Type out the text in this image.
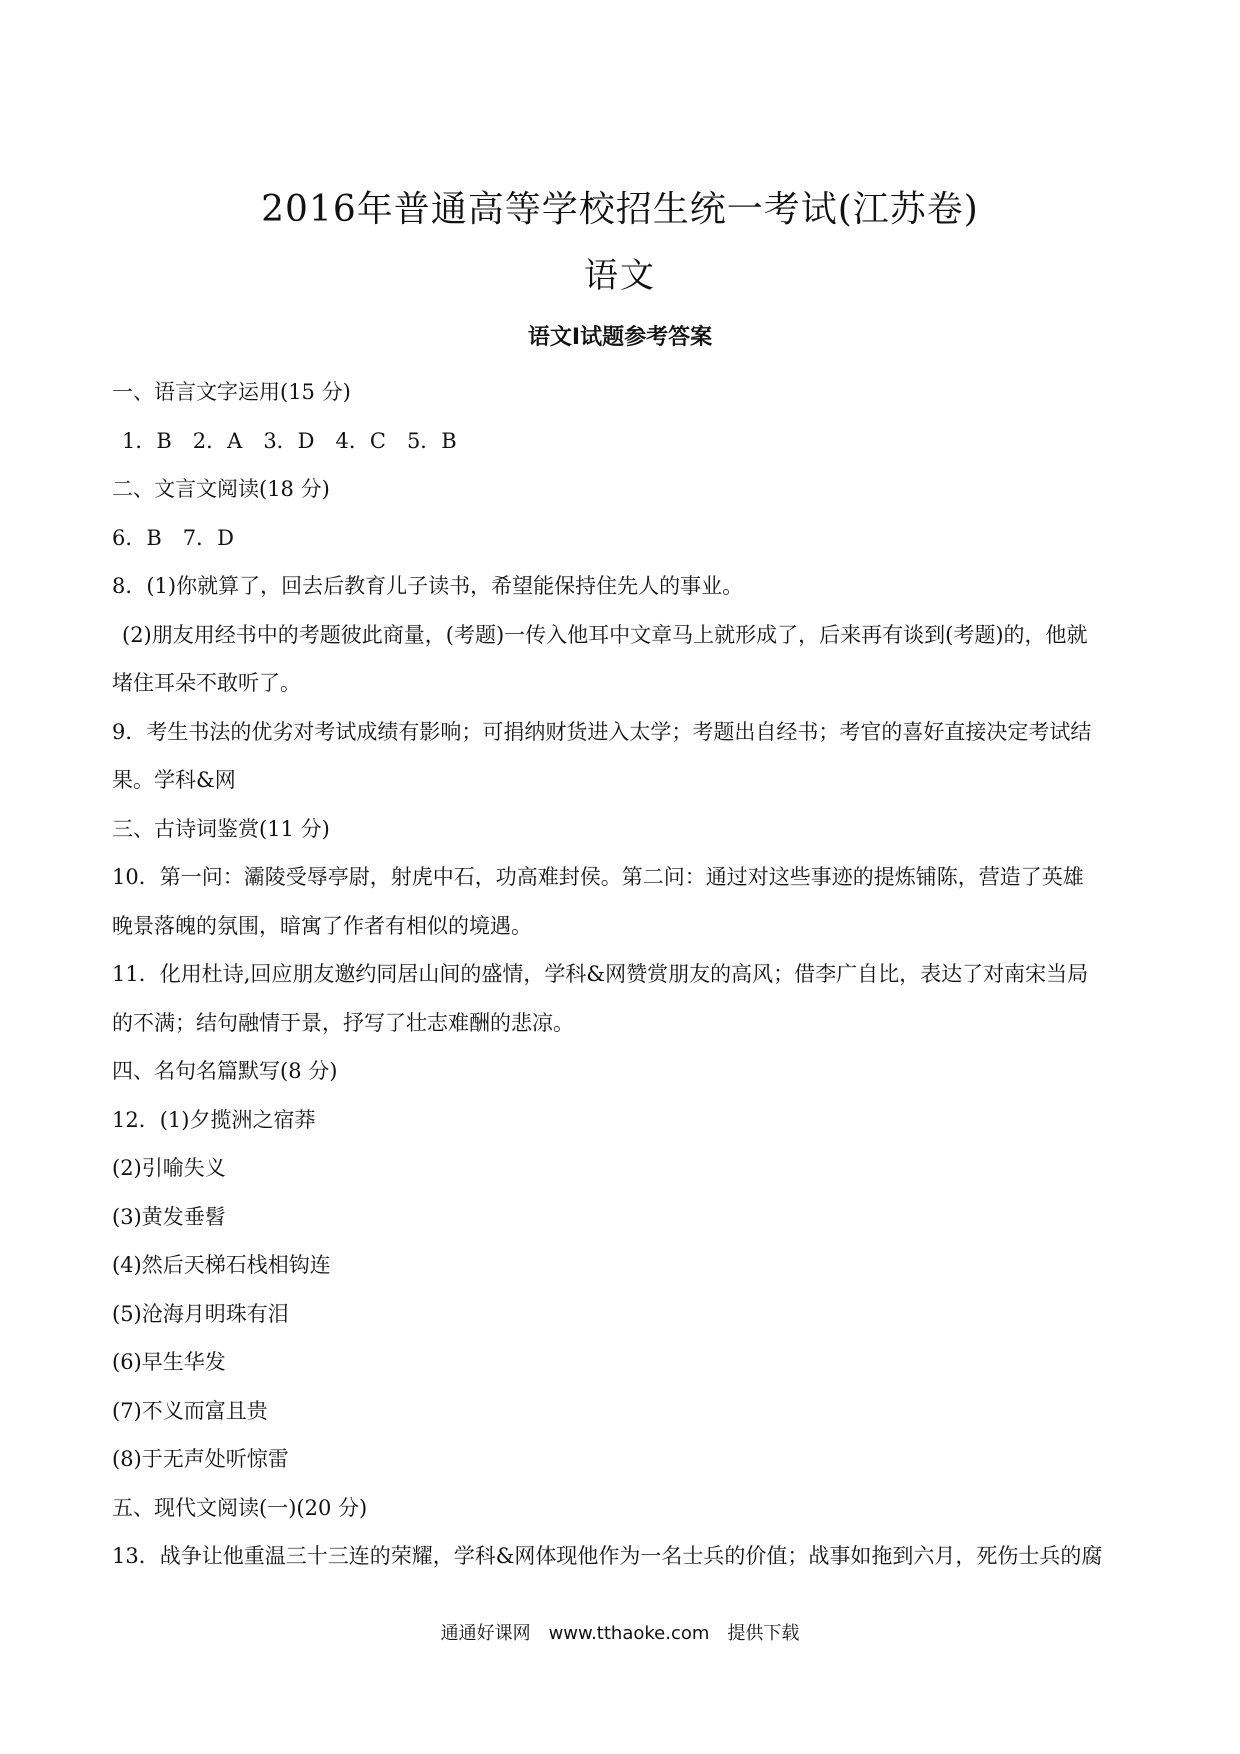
2016年普通高等学校招生统一考试(江苏卷)
语文
语文Ⅰ试题参考答案
一、语言文字运用(15 分)
1．B　2．A　3．D　4．C　5．B
二、文言文阅读(18 分)
6．B　7．D
8．(1)你就算了，回去后教育儿子读书，希望能保持住先人的事业。
(2)朋友用经书中的考题彼此商量，(考题)一传入他耳中文章马上就形成了，后来再有谈到(考题)的，他就
堵住耳朵不敢听了。
9．考生书法的优劣对考试成绩有影响；可捐纳财货进入太学；考题出自经书；考官的喜好直接决定考试结
果。学科&网
三、古诗词鉴赏(11 分)
10．第一问：灞陵受辱亭尉，射虎中石，功高难封侯。第二问：通过对这些事迹的提炼铺陈，营造了英雄
晚景落魄的氛围，暗寓了作者有相似的境遇。
11．化用杜诗,回应朋友邀约同居山间的盛情，学科&网赞赏朋友的高风；借李广自比，表达了对南宋当局
的不满；结句融情于景，抒写了壮志难酬的悲凉。
四、名句名篇默写(8 分)
12．(1)夕揽洲之宿莽
(2)引喻失义
(3)黄发垂髫
(4)然后天梯石栈相钩连
(5)沧海月明珠有泪
(6)早生华发
(7)不义而富且贵
(8)于无声处听惊雷
五、现代文阅读(一)(20 分)
13．战争让他重温三十三连的荣耀，学科&网体现他作为一名士兵的价值；战事如拖到六月，死伤士兵的腐
通通好课网　www.tthaoke.com　提供下载
